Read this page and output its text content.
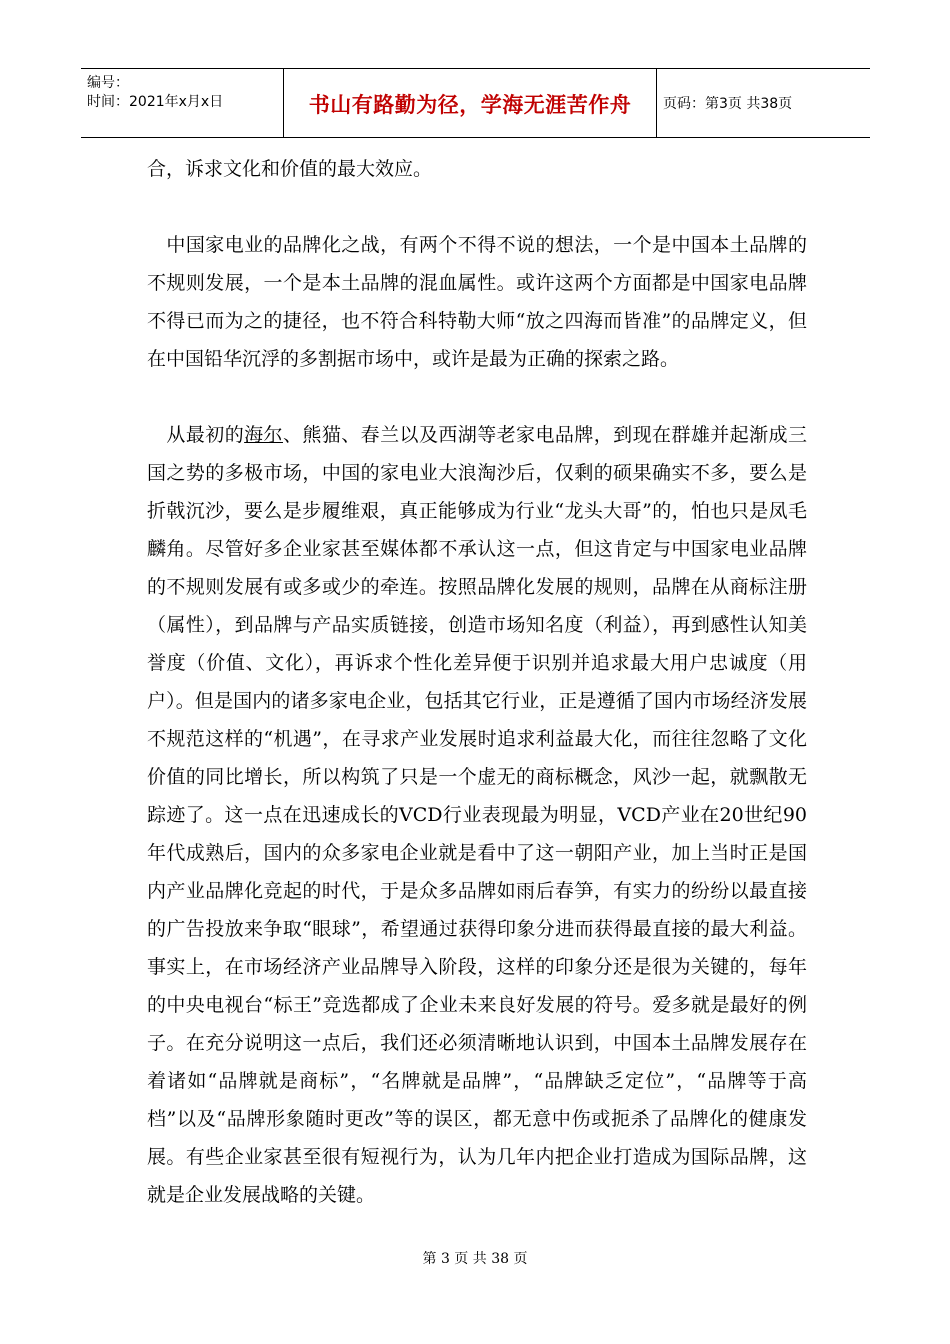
编号：
时间：2021年x月x日	书山有路勤为径，学海无涯苦作舟	页码：第3页 共38页

合，诉求文化和价值的最大效应。

中国家电业的品牌化之战，有两个不得不说的想法，一个是中国本土品牌的不规则发展，一个是本土品牌的混血属性。或许这两个方面都是中国家电品牌不得已而为之的捷径，也不符合科特勒大师“放之四海而皆准”的品牌定义，但在中国铅华沉浮的多割据市场中，或许是最为正确的探索之路。

从最初的海尔、熊猫、春兰以及西湖等老家电品牌，到现在群雄并起渐成三国之势的多极市场，中国的家电业大浪淘沙后，仅剩的硕果确实不多，要么是折戟沉沙，要么是步履维艰，真正能够成为行业“龙头大哥”的，怕也只是凤毛麟角。尽管好多企业家甚至媒体都不承认这一点，但这肯定与中国家电业品牌的不规则发展有或多或少的牵连。按照品牌化发展的规则，品牌在从商标注册（属性），到品牌与产品实质链接，创造市场知名度（利益），再到感性认知美誉度（价值、文化），再诉求个性化差异便于识别并追求最大用户忠诚度（用户）。但是国内的诸多家电企业，包括其它行业，正是遵循了国内市场经济发展不规范这样的“机遇”，在寻求产业发展时追求利益最大化，而往往忽略了文化价值的同比增长，所以构筑了只是一个虚无的商标概念，风沙一起，就飘散无踪迹了。这一点在迅速成长的VCD行业表现最为明显，VCD产业在20世纪90年代成熟后，国内的众多家电企业就是看中了这一朝阳产业，加上当时正是国内产业品牌化竞起的时代，于是众多品牌如雨后春笋，有实力的纷纷以最直接的广告投放来争取“眼球”，希望通过获得印象分进而获得最直接的最大利益。事实上，在市场经济产业品牌导入阶段，这样的印象分还是很为关键的，每年的中央电视台“标王”竞选都成了企业未来良好发展的符号。爱多就是最好的例子。在充分说明这一点后，我们还必须清晰地认识到，中国本土品牌发展存在着诸如“品牌就是商标”，“名牌就是品牌”，“品牌缺乏定位”，“品牌等于高档”以及“品牌形象随时更改”等的误区，都无意中伤或扼杀了品牌化的健康发展。有些企业家甚至很有短视行为，认为几年内把企业打造成为国际品牌，这就是企业发展战略的关键。

第 3 页 共 38 页
